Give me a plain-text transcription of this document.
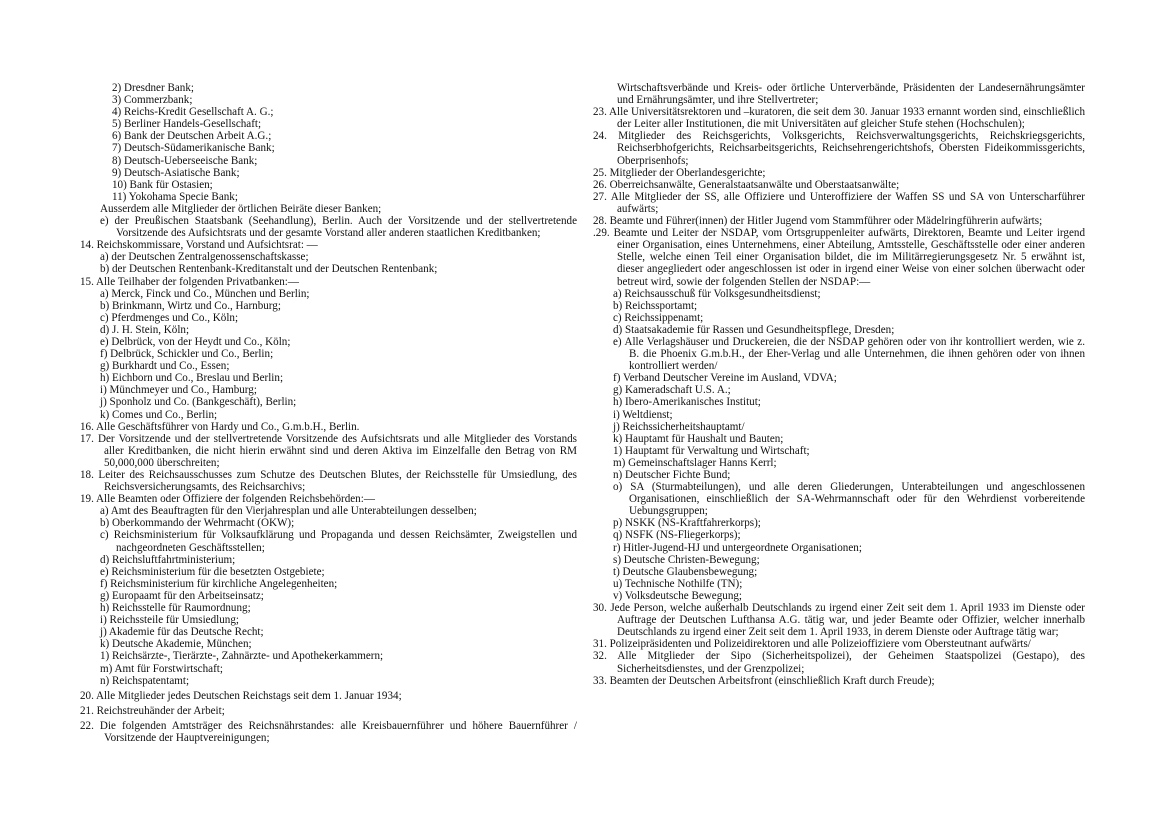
2) Dresdner Bank;
3) Commerzbank;
4) Reichs-Kredit Gesellschaft A. G.;
5) Berliner Handels-Gesellschaft;
6) Bank der Deutschen Arbeit A.G.;
7) Deutsch-Südamerikanische Bank;
8) Deutsch-Ueberseeische Bank;
9) Deutsch-Asiatische Bank;
10) Bank für Ostasien;
11) Yokohama Specie Bank;
Ausserdem alle Mitglieder der örtlichen Beiräte dieser Banken;
e) der Preußischen Staatsbank (Seehandlung), Berlin. Auch der Vorsitzende und der stellvertretende Vorsitzende des Aufsichtsrats und der gesamte Vorstand aller anderen staatlichen Kreditbanken;
14. Reichskommissare, Vorstand und Aufsichtsrat: —
a) der Deutschen Zentralgenossenschaftskasse;
b) der Deutschen Rentenbank-Kreditanstalt und der Deutschen Rentenbank;
15. Alle Teilhaber der folgenden Privatbanken:—
a) Merck, Finck und Co., München und Berlin;
b) Brinkmann, Wirtz und Co., Harnburg;
c) Pferdmenges und Co., Köln;
d) J. H. Stein, Köln;
e) Delbrück, von der Heydt und Co., Köln;
f) Delbrück, Schickler und Co., Berlin;
g) Burkhardt und Co., Essen;
h) Eichborn und Co., Breslau und Berlin;
i) Münchmeyer und Co., Hamburg;
j) Sponholz und Co. (Bankgeschäft), Berlin;
k) Comes und Co., Berlin;
16. Alle Geschäftsführer von Hardy und Co., G.m.b.H., Berlin.
17. Der Vorsitzende und der stellvertretende Vorsitzende des Aufsichtsrats und alle Mitglieder des Vorstands aller Kreditbanken, die nicht hierin erwähnt sind und deren Aktiva im Einzelfalle den Betrag von RM 50,000,000 überschreiten;
18. Leiter des Reichsausschusses zum Schutze des Deutschen Blutes, der Reichsstelle für Umsiedlung, des Reichsversicherungsamts, des Reichsarchivs;
19. Alle Beamten oder Offiziere der folgenden Reichsbehörden:—
a) Amt des Beauftragten für den Vierjahresplan und alle Unterabteilungen desselben;
b) Oberkommando der Wehrmacht (OKW);
c) Reichsministerium für Volksaufklärung und Propaganda und dessen Reichsämter, Zweigstellen und nachgeordneten Geschäftsstellen;
d) Reichsluftfahrtministerium;
e) Reichsministerium für die besetzten Ostgebiete;
f) Reichsministerium für kirchliche Angelegenheiten;
g) Europaamt für den Arbeitseinsatz;
h) Reichsstelle für Raumordnung;
i) Reichssteile für Umsiedlung;
j) Akademie für das Deutsche Recht;
k) Deutsche Akademie, München;
1) Reichsärzte-, Tierärzte-, Zahnärzte- und Apothekerkammern;
m) Amt für Forstwirtschaft;
n) Reichspatentamt;
20. Alle Mitglieder jedes Deutschen Reichstags seit dem 1. Januar 1934;
21. Reichstreuhänder der Arbeit;
22. Die folgenden Amtsträger des Reichsnährstandes: alle Kreisbauernführer und höhere Bauernführer / Vorsitzende der Hauptvereinigungen;
Wirtschaftsverbände und Kreis- oder örtliche Unterverbände, Präsidenten der Landesernährungsämter und Ernährungsämter, und ihre Stellvertreter;
23. Alle Universitätsrektoren und –kuratoren, die seit dem 30. Januar 1933 ernannt worden sind, einschließlich der Leiter aller Institutionen, die mit Universitäten auf gleicher Stufe stehen (Hochschulen);
24. Mitglieder des Reichsgerichts, Volksgerichts, Reichsverwaltungsgerichts, Reichskriegsgerichts, Reichserbhofgerichts, Reichsarbeitsgerichts, Reichsehrengerichtshofs, Obersten Fideikommissgerichts, Oberprisenhofs;
25. Mitglieder der Oberlandesgerichte;
26. Oberreichsanwälte, Generalstaatsanwälte und Oberstaatsanwälte;
27. Alle Mitglieder der SS, alle Offiziere und Unteroffiziere der Waffen SS und SA von Unterscharführer aufwärts;
28. Beamte und Führer(innen) der Hitler Jugend vom Stammführer oder Mädelringführerin aufwärts;
.29. Beamte und Leiter der NSDAP, vom Ortsgruppenleiter aufwärts, Direktoren, Beamte und Leiter irgend einer Organisation, eines Unternehmens, einer Abteilung, Amtsstelle, Geschäftsstelle oder einer anderen Stelle, welche einen Teil einer Organisation bildet, die im Militärregierungsgesetz Nr. 5 erwähnt ist, dieser angegliedert oder angeschlossen ist oder in irgend einer Weise von einer solchen überwacht oder betreut wird, sowie der folgenden Stellen der NSDAP:—
a) Reichsausschuß für Volksgesundheitsdienst;
b) Reichssportamt;
c) Reichssippenamt;
d) Staatsakademie für Rassen und Gesundheitspflege, Dresden;
e) Alle Verlagshäuser und Druckereien, die der NSDAP gehören oder von ihr kontrolliert werden, wie z. B. die Phoenix G.m.b.H., der Eher-Verlag und alle Unternehmen, die ihnen gehören oder von ihnen kontrolliert werden/
f) Verband Deutscher Vereine im Ausland, VDVA;
g) Kameradschaft U.S. A.;
h) Ibero-Amerikanisches Institut;
i) Weltdienst;
j) Reichssicherheitshauptamt/
k) Hauptamt für Haushalt und Bauten;
1) Hauptamt für Verwaltung und Wirtschaft;
m) Gemeinschaftslager Hanns Kerrl;
n) Deutscher Fichte Bund;
o) SA (Sturmabteilungen), und alle deren Gliederungen, Unterabteilungen und angeschlossenen Organisationen, einschließlich der SA-Wehrmannschaft oder für den Wehrdienst vorbereitende Uebungsgruppen;
p) NSKK (NS-Kraftfahrerkorps);
q) NSFK (NS-Fliegerkorps);
r) Hitler-Jugend-HJ und untergeordnete Organisationen;
s) Deutsche Christen-Bewegung;
t) Deutsche Glaubensbewegung;
u) Technische Nothilfe (TN);
v) Volksdeutsche Bewegung;
30. Jede Person, welche außerhalb Deutschlands zu irgend einer Zeit seit dem 1. April 1933 im Dienste oder Auftrage der Deutschen Lufthansa A.G. tätig war, und jeder Beamte oder Offizier, welcher innerhalb Deutschlands zu irgend einer Zeit seit dem 1. April 1933, in derem Dienste oder Auftrage tätig war;
31. Polizeipräsidenten und Polizeidirektoren und alle Polizeioffiziere vom Obersteutnant aufwärts/
32. Alle Mitglieder der Sipo (Sicherheitspolizei), der Geheimen Staatspolizei (Gestapo), des Sicherheitsdienstes, und der Grenzpolizei;
33. Beamten der Deutschen Arbeitsfront (einschließlich Kraft durch Freude);
